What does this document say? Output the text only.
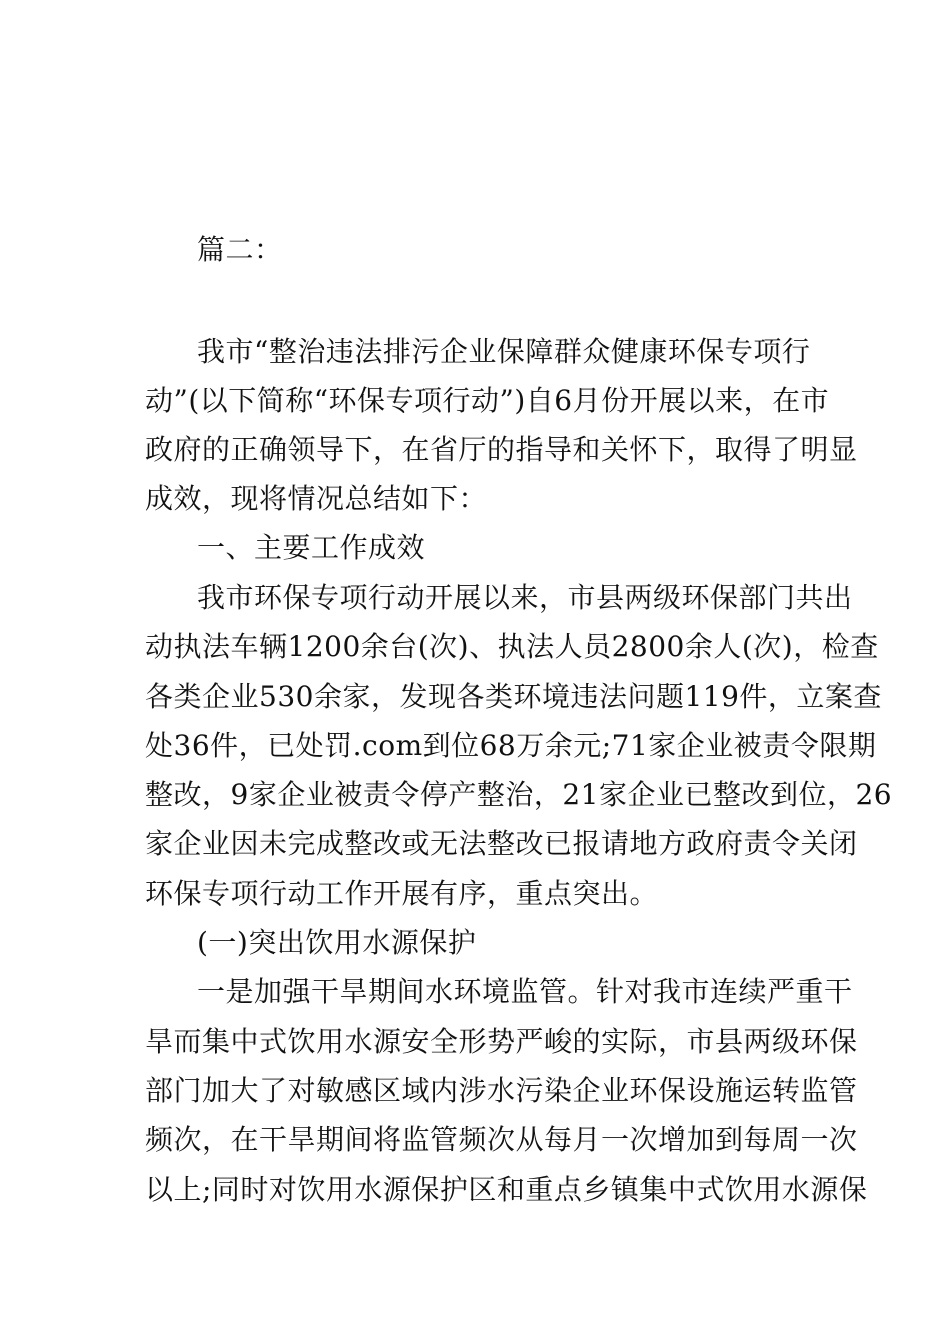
篇二：
我市“整治违法排污企业保障群众健康环保专项行
动”(以下简称“环保专项行动”)自6月份开展以来，在市
政府的正确领导下，在省厅的指导和关怀下，取得了明显
成效，现将情况总结如下：
一、主要工作成效
我市环保专项行动开展以来，市县两级环保部门共出
动执法车辆1200余台(次)、执法人员2800余人(次)，检查
各类企业530余家，发现各类环境违法问题119件，立案查
处36件，已处罚.com到位68万余元;71家企业被责令限期
整改，9家企业被责令停产整治，21家企业已整改到位，26
家企业因未完成整改或无法整改已报请地方政府责令关闭
环保专项行动工作开展有序，重点突出。
(一)突出饮用水源保护
一是加强干旱期间水环境监管。针对我市连续严重干
旱而集中式饮用水源安全形势严峻的实际，市县两级环保
部门加大了对敏感区域内涉水污染企业环保设施运转监管
频次，在干旱期间将监管频次从每月一次增加到每周一次
以上;同时对饮用水源保护区和重点乡镇集中式饮用水源保
